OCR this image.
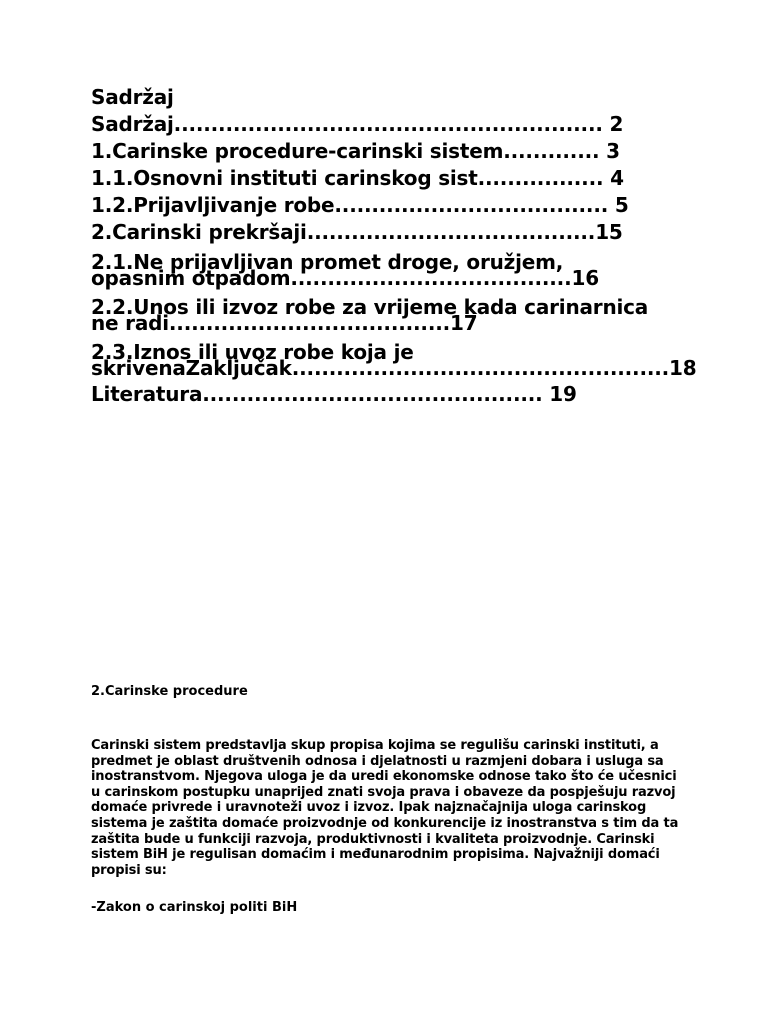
Sadržaj
Sadržaj.......................................................... 2
1.Carinske procedure-carinski sistem............. 3
1.1.Osnovni instituti carinskog sist................. 4
1.2.Prijavljivanje robe..................................... 5
2.Carinski prekršaji.......................................15
2.1.Ne prijavljivan promet droge, oružjem, opasnim otpadom......................................16
2.2.Unos ili izvoz robe za vrijeme kada carinarnica ne radi......................................17
2.3.Iznos ili uvoz robe koja je skrivenaZaključak...................................................18
Literatura.............................................. 19

2.Carinske procedure

Carinski sistem predstavlja skup propisa kojima se regulišu carinski instituti, a predmet je oblast društvenih odnosa i djelatnosti u razmjeni dobara i usluga sa inostranstvom. Njegova uloga je da uredi ekonomske odnose tako što će učesnici u carinskom postupku unaprijed znati svoja prava i obaveze da pospješuju razvoj domaće privrede i uravnoteži uvoz i izvoz. Ipak najznačajnija uloga carinskog sistema je zaštita domaće proizvodnje od konkurencije iz inostranstva s tim da ta zaštita bude u funkciji razvoja, produktivnosti i kvaliteta proizvodnje. Carinski sistem BiH je regulisan domaćim i međunarodnim propisima. Najvažniji domaći propisi su:

-Zakon o carinskoj politi BiH
